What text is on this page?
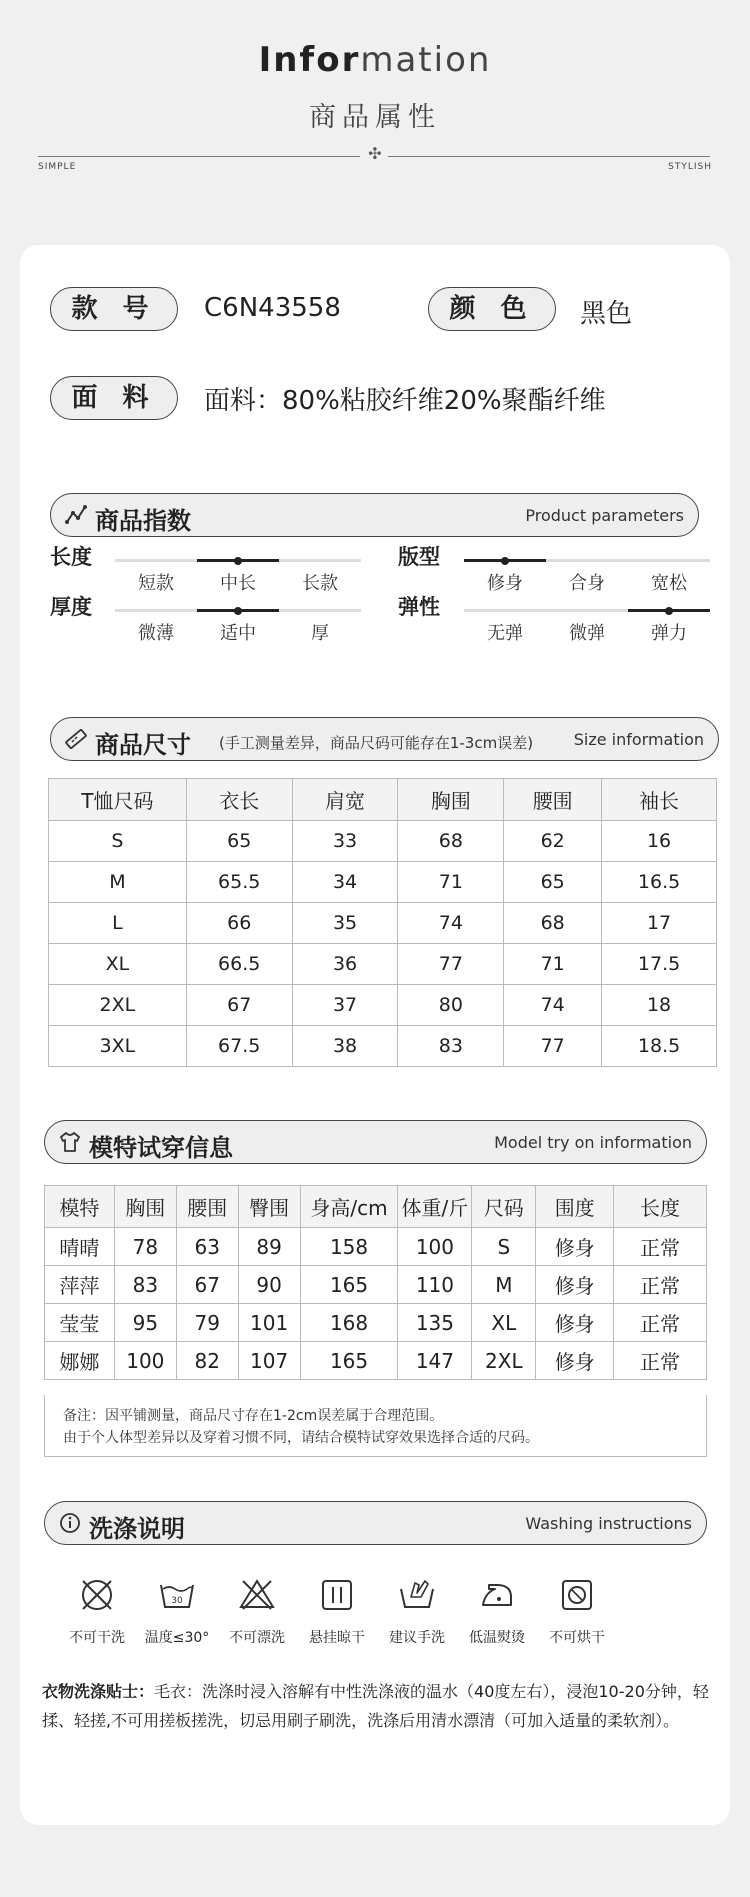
Information
商品属性
✣
SIMPLE	STYLISH
款 号	C6N43558	颜 色	黑色
面 料	面料：80%粘胶纤维20%聚酯纤维
商品指数	Product parameters
长度
短款	中长	长款
版型
修身	合身	宽松
厚度
微薄	适中	厚
弹性
无弹	微弹	弹力
商品尺寸 (手工测量差异，商品尺码可能存在1-3cm误差)	Size information
T恤尺码	衣长	肩宽	胸围	腰围	袖长
S	65	33	68	62	16
M	65.5	34	71	65	16.5
L	66	35	74	68	17
XL	66.5	36	77	71	17.5
2XL	67	37	80	74	18
3XL	67.5	38	83	77	18.5
模特试穿信息	Model try on information
模特	胸围	腰围	臀围	身高/cm	体重/斤	尺码	围度	长度
晴晴	78	63	89	158	100	S	修身	正常
萍萍	83	67	90	165	110	M	修身	正常
莹莹	95	79	101	168	135	XL	修身	正常
娜娜	100	82	107	165	147	2XL	修身	正常
备注：因平铺测量，商品尺寸存在1-2cm误差属于合理范围。
由于个人体型差异以及穿着习惯不同，请结合模特试穿效果选择合适的尺码。
洗涤说明	Washing instructions
不可干洗
30
温度≤30°	不可漂洗	悬挂晾干	建议手洗	低温熨烫	不可烘干
衣物洗涤贴士：毛衣：洗涤时浸入溶解有中性洗涤液的温水（40度左右），浸泡10-20分钟，轻揉、轻搓,不可用搓板搓洗，切忌用刷子刷洗，洗涤后用清水漂清（可加入适量的柔软剂）。
